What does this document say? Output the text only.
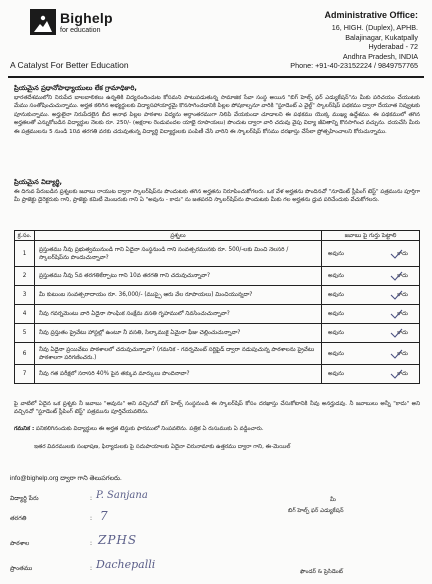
Bighelp
for education
A Catalyst For Better Education
Administrative Office:
16, HIGH. (Duplex), APHB.
Balajinagar, Kukatpally
Hyderabad - 72
Andhra Pradesh, INDIA
Phone: +91-40-23152224 / 9849757765
ప్రియమైన ప్రధానోపాధ్యాయులు లేక గ్రామాధికారి,
భారతదేశములోని నిరుపేద బాలబాలికలు ఉన్నతికి విద్యనందించుట కోసమని పాటుపడుతున్న సామాజిక సేవా సంస్థ అయిన "బిగ్ హెల్ప్ ఫర్ ఎడ్యుకేషన్"ను మీకు పరిచయం చేయుటకు మేము సంతోషించుచున్నాము. అర్హత కలిగిన అభ్యర్థులకు విద్యాసహాయార్థమై కొనసాగించడానికి పిల్లల పోషకాల్పనూ వారికి "స్టూడెంట్ ఎ వైల్డ్" స్కాలర్‌షిప్ పథకము ద్వారా దేయూత నివ్వుటకు పూనుకున్నాము. అర్హులైనా నిరుపేదలైన బీద అనాథ పిల్లల పాఠశాల విద్యను అర్ధాంతరముగా నిలిపి వేయకుండా చూడాలని ఈ పథకము యొక్క ముఖ్య ఉద్దేశము. ఈ పథకములో తగిన అర్హతలతో ఎన్నుకోబడిన విద్యార్థుల నెలకు రూ. 250/- (అక్షరాల రెండువందల యాభై రూపాయలు) పొందుట ద్వారా వారి చదువు వైపు విద్యా జీవితాన్ని కొనసాగించ వచ్చును. దయచేసి మీరు ఈ పత్రములను 5 నుండి 10వ తరగతి వరకు చదువుతున్న విద్యార్థి విద్యార్థులకు పంపిణీ చేసి వారిని ఈ స్కాలర్‌షిప్ కోసము దరఖాస్తు చేసేలా ప్రోత్సహించాలని కోరుచున్నాము.
ప్రియమైన విద్యార్థి,
ఈ దిగువ పేరుబడిన ప్రశ్నలకు జవాబు రాయుట ద్వారా స్కాలర్‌షిప్‌ను పొందుటకు తగిన అర్హతను నిరూపించుకోగలరు. ఒక వేళ అర్హతను పొందినచో "నూడెంట్ స్లీపింగ్ టెస్ట్" పత్రమును పూర్తిగా మీ ప్రాజెక్టు డైరెక్టరుకు గాని, ప్రాజెక్టు కమిటీ మెంబరుకు గాని ఏ "అవును - కాదు" ను జతపరచి స్కాలర్‌షిప్‌ను పొందుటకు మీకు గల అర్హతను ధ్రువ పరిచేందుకు వేచుకోగలరు.
క్ర.సం.	ప్రశ్నలు	జవాబు పై గుర్తు పెట్టాలి
1	ప్రస్తుతము నీవు ప్రభుత్వమునుండి గాని ఏదైనా సంస్థనుండి గాని సంవత్సరమునకు రూ. 500/-లకు మించి నెలసరి / స్కాలర్‌షిప్‌ను పొందుచున్నావా?	అవును కాదు

2	ప్రస్తుతము నీవు 5వ తరగతికేర్పాటు గాని 10వ తరగతి గాని చదువుచున్నావా?	అవును కాదు

3	మీ కుటుంబ సంవత్సరాదాయం రూ. 36,000/- (ముప్పై ఆరు వేల రూపాయలు) మించియున్నదా?	అవును కాదు

4	నీవు గవర్నమెంటు వారి ఏదైనా సాంఘిక సంక్షేమ వసతి గృహములో నివసించుచున్నావా?	అవును కాదు

5	నీవు ప్రస్తుతం ప్రైవేటు హాస్టల్లో ఉంటూ నీ వసతి, సిల్కాముకై ఏమైనా ఫీజు చెల్లించుచున్నావా?	అవును కాదు

6	నీవు ఏదైనా ప్రయివేటు పాఠశాలలో చదువుచున్నావా? (గమనిక - గవర్నమెంట్ సర్టిఫైడ్ ద్వారా నడుపుచున్న పాఠశాలను ప్రైవేటు పాఠశాలగా పరిగణించరు.)	అవును కాదు

7	నీవు గత పరీక్షలో సరాసరి 40% పైన తక్కువ మార్కులు పొందినావా?	అవును కాదు
పై వాటిలో ఏదైన ఒక ప్రశ్నకు నీ జవాబు "అవును" అని వచ్చినచో బిగ్ హెల్ప్ సంస్థనుండి ఈ స్కాలర్‌షిప్ కోసం దరఖాస్తు చేసుకోటానికి నీవు అనర్హుడవు. నీ జవాబులు అన్నీ "కాదు" అని వచ్చినచో "స్టూడెంట్ స్లీపింగ్ టెస్ట్" పత్రమును పూర్తిచేయవలెను.
గమనిక : పనికలిగినందుకు విద్యార్థులు ఈ అర్హత టెస్టుకు ఫారములో నింపవలెను. పత్రిక ఏ రుసుముకు ఏ వడ్డించారు.
ఇతర వివరములకు సంభాషణ, ఫిర్యాదులకు పై సదుపాయాలకు ఏదైనా చిరునామాకు ఉత్తరము ద్వారా గాని, ఈ-మెయిల్
info@bighelp.org ద్వారా గాని తెలుపగలరు.
విద్యార్థి పేరు	: P. Sanjana
తరగతి	: 7
పాఠశాల	: ZPHS
ప్రాంతము	: Dachepalli
మీ
బిగ్ హెల్ప్ ఫర్ ఎడ్యుకేషన్
ఫౌండర్ & ప్రెసిడెంట్
